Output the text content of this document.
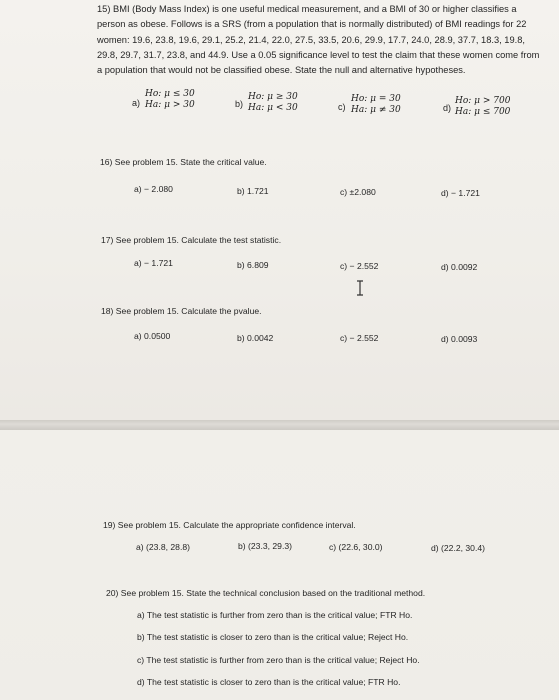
15) BMI (Body Mass Index) is one useful medical measurement, and a BMI of 30 or higher classifies a person as obese. Follows is a SRS (from a population that is normally distributed) of BMI readings for 22 women: 19.6, 23.8, 19.6, 29.1, 25.2, 21.4, 22.0, 27.5, 33.5, 20.6, 29.9, 17.7, 24.0, 28.9, 37.7, 18.3, 19.8, 29.8, 29.7, 31.7, 23.8, and 44.9. Use a 0.05 significance level to test the claim that these women come from a population that would not be classified obese. State the null and alternative hypotheses.
a)
Ho: μ ≤ 30
Ha: μ > 30	b)
Ho: μ ≥ 30
Ha: μ < 30	c)
Ho: μ = 30
Ha: μ ≠ 30	d)
Ho: μ > 700
Ha: μ ≤ 700
16) See problem 15. State the critical value.
a) − 2.080	b) 1.721	c) ±2.080	d) − 1.721
17) See problem 15. Calculate the test statistic.
a) − 1.721	b) 6.809	c) − 2.552	d) 0.0092
18) See problem 15. Calculate the pvalue.
a) 0.0500	b) 0.0042	c) − 2.552	d) 0.0093
19) See problem 15. Calculate the appropriate confidence interval.
a) (23.8, 28.8)	b) (23.3, 29.3)	c) (22.6, 30.0)	d) (22.2, 30.4)
20) See problem 15. State the technical conclusion based on the traditional method.
a) The test statistic is further from zero than is the critical value; FTR Ho.
b) The test statistic is closer to zero than is the critical value; Reject Ho.
c) The test statistic is further from zero than is the critical value; Reject Ho.
d) The test statistic is closer to zero than is the critical value; FTR Ho.
